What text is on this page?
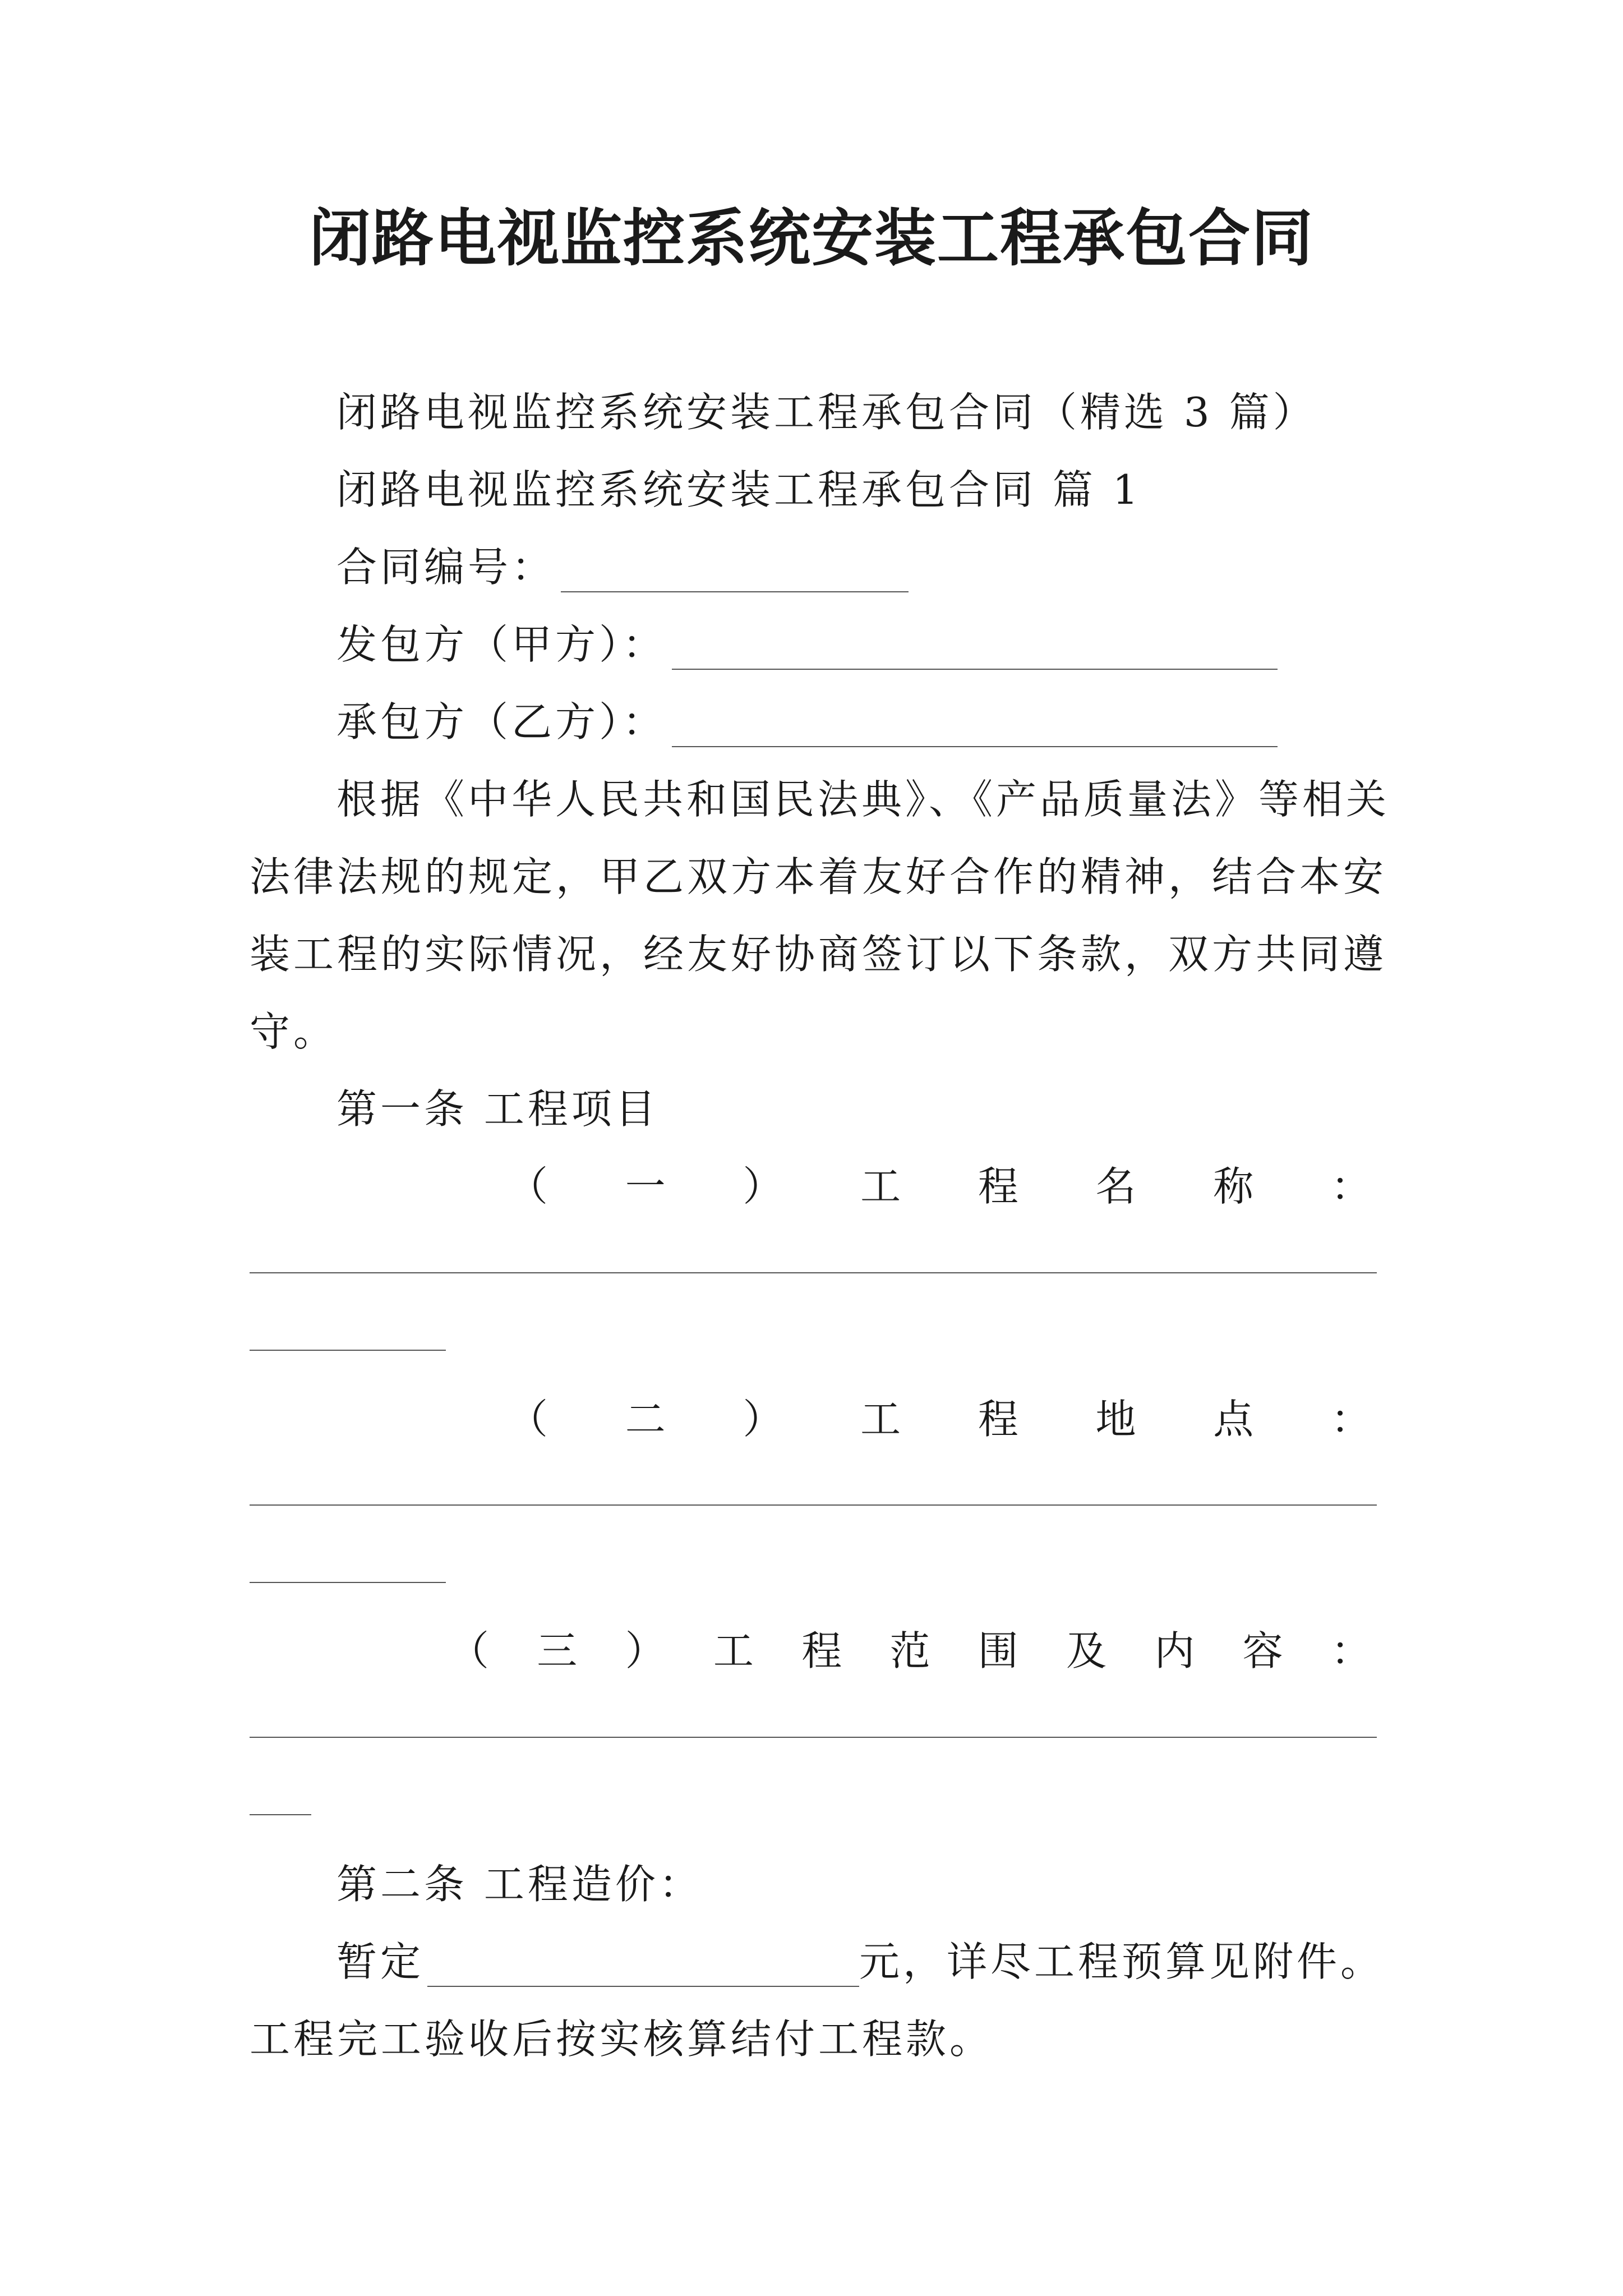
闭路电视监控系统安装工程承包合同
闭路电视监控系统安装工程承包合同（精选 3 篇）
闭路电视监控系统安装工程承包合同 篇 1
合同编号：
发包方（甲方）：
承包方（乙方）：
根据《中华人民共和国民法典》、《产品质量法》等相关
法律法规的规定，甲乙双方本着友好合作的精神，结合本安
装工程的实际情况，经友好协商签订以下条款，双方共同遵
守。
第一条 工程项目
（ 一 ） 工 程 名 称 ：
（ 二 ） 工 程 地 点 ：
（ 三 ） 工 程 范 围 及 内 容 ：
第二条 工程造价：
暂定	元，详尽工程预算见附件。
工程完工验收后按实核算结付工程款。
